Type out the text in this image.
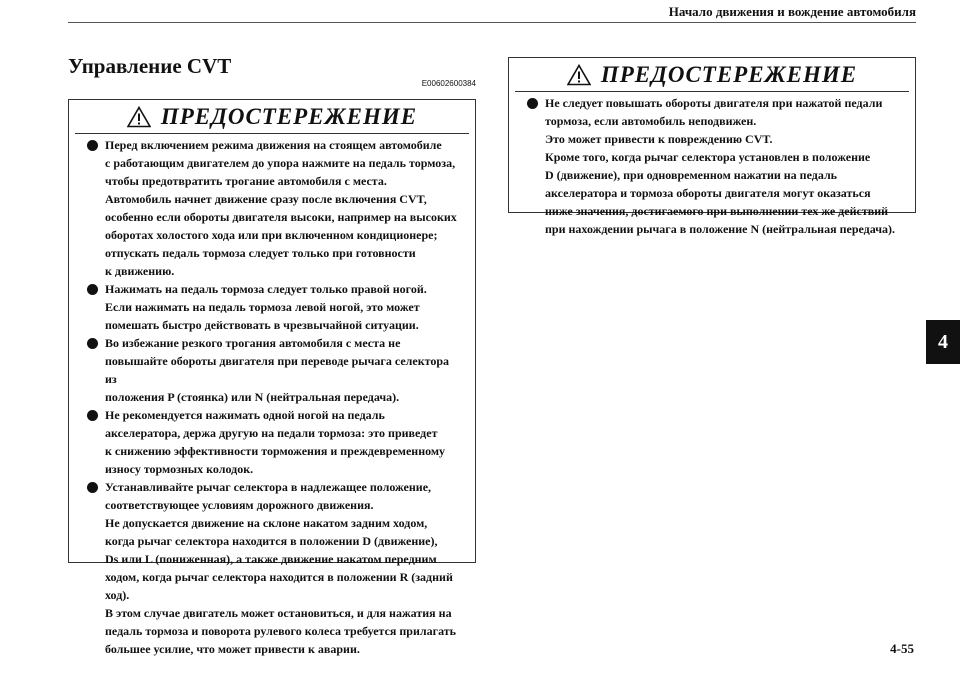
Начало движения и вождение автомобиля
Управление CVT
E00602600384
ПРЕДОСТЕРЕЖЕНИЕ

Перед включением режима движения на стоящем автомобиле

с работающим двигателем до упора нажмите на педаль тормоза,

чтобы предотвратить трогание автомобиля с места.

Автомобиль начнет движение сразу после включения CVT,

особенно если обороты двигателя высоки, например на высоких

оборотах холостого хода или при включенном кондиционере;

отпускать педаль тормоза следует только при готовности

к движению.

Нажимать на педаль тормоза следует только правой ногой.

Если нажимать на педаль тормоза левой ногой, это может

помешать быстро действовать в чрезвычайной ситуации.

Во избежание резкого трогания автомобиля с места не

повышайте обороты двигателя при переводе рычага селектора из

положения P (стоянка) или N (нейтральная передача).

Не рекомендуется нажимать одной ногой на педаль

акселератора, держа другую на педали тормоза: это приведет

к снижению эффективности торможения и преждевременному

износу тормозных колодок.

Устанавливайте рычаг селектора в надлежащее положение,

соответствующее условиям дорожного движения.

Не допускается движение на склоне накатом задним ходом,

когда рычаг селектора находится в положении D (движение),

Ds или L (пониженная), а также движение накатом передним

ходом, когда рычаг селектора находится в положении R (задний

ход).

В этом случае двигатель может остановиться, и для нажатия на

педаль тормоза и поворота рулевого колеса требуется прилагать

большее усилие, что может привести к аварии.

ПРЕДОСТЕРЕЖЕНИЕ

Не следует повышать обороты двигателя при нажатой педали

тормоза, если автомобиль неподвижен.

Это может привести к повреждению CVT.

Кроме того, когда рычаг селектора установлен в положение

D (движение), при одновременном нажатии на педаль

акселератора и тормоза обороты двигателя могут оказаться

ниже значения, достигаемого при выполнении тех же действий

при нахождении рычага в положение N (нейтральная передача).

4
4-55
